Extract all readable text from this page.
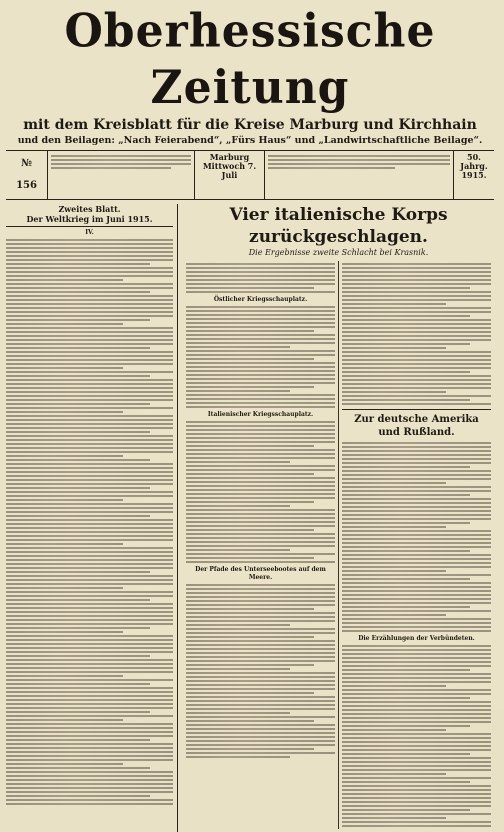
Oberhessische Zeitung
mit dem Kreisblatt für die Kreise Marburg und Kirchhain
und den Beilagen: „Nach Feierabend“, „Fürs Haus“ und „Landwirtschaftliche Beilage“.
№ 156
Marburg
Mittwoch 7. Juli
50. Jahrg.
1915.
Zweites Blatt.
Der Weltkrieg im Juni 1915.
IV.
Vier italienische Korps zurückgeschlagen.
Die Ergebnisse zweite Schlacht bei Krasnik.
Östlicher Kriegsschauplatz.
Italienischer Kriegsschauplatz.
Der Pfade des Unterseebootes auf dem Meere.
Zur deutsche Amerika und Rußland.
Die Erzählungen der Verbündeten.
